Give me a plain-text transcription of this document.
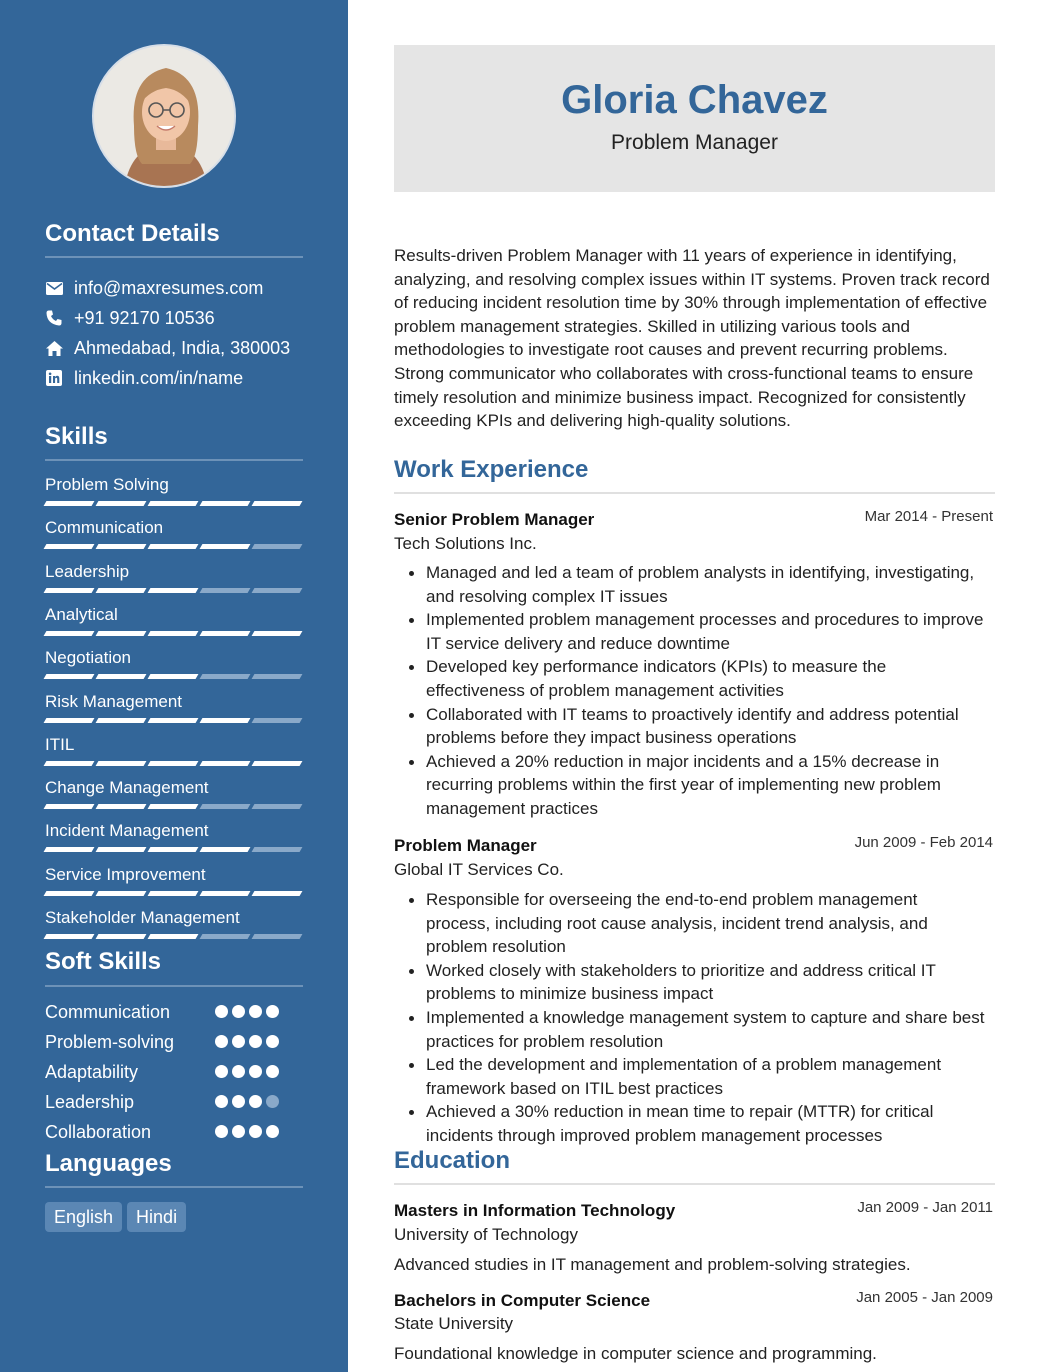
Contact Details
info@maxresumes.com
+91 92170 10536
Ahmedabad, India, 380003
linkedin.com/in/name
Skills
Problem Solving
Communication
Leadership
Analytical
Negotiation
Risk Management
ITIL
Change Management
Incident Management
Service Improvement
Stakeholder Management
Soft Skills
Communication
Problem-solving
Adaptability
Leadership
Collaboration
Languages
English	Hindi
Gloria Chavez
Problem Manager
Results-driven Problem Manager with 11 years of experience in identifying, analyzing, and resolving complex issues within IT systems. Proven track record of reducing incident resolution time by 30% through implementation of effective problem management strategies. Skilled in utilizing various tools and methodologies to investigate root causes and prevent recurring problems. Strong communicator who collaborates with cross-functional teams to ensure timely resolution and minimize business impact. Recognized for consistently exceeding KPIs and delivering high-quality solutions.
Work Experience
Senior Problem Manager	Mar 2014 - Present
Tech Solutions Inc.
Managed and led a team of problem analysts in identifying, investigating, and resolving complex IT issues
Implemented problem management processes and procedures to improve IT service delivery and reduce downtime
Developed key performance indicators (KPIs) to measure the effectiveness of problem management activities
Collaborated with IT teams to proactively identify and address potential problems before they impact business operations
Achieved a 20% reduction in major incidents and a 15% decrease in recurring problems within the first year of implementing new problem management practices
Problem Manager	Jun 2009 - Feb 2014
Global IT Services Co.
Responsible for overseeing the end-to-end problem management process, including root cause analysis, incident trend analysis, and problem resolution
Worked closely with stakeholders to prioritize and address critical IT problems to minimize business impact
Implemented a knowledge management system to capture and share best practices for problem resolution
Led the development and implementation of a problem management framework based on ITIL best practices
Achieved a 30% reduction in mean time to repair (MTTR) for critical incidents through improved problem management processes
Education
Masters in Information Technology	Jan 2009 - Jan 2011
University of Technology
Advanced studies in IT management and problem-solving strategies.
Bachelors in Computer Science	Jan 2005 - Jan 2009
State University
Foundational knowledge in computer science and programming.
